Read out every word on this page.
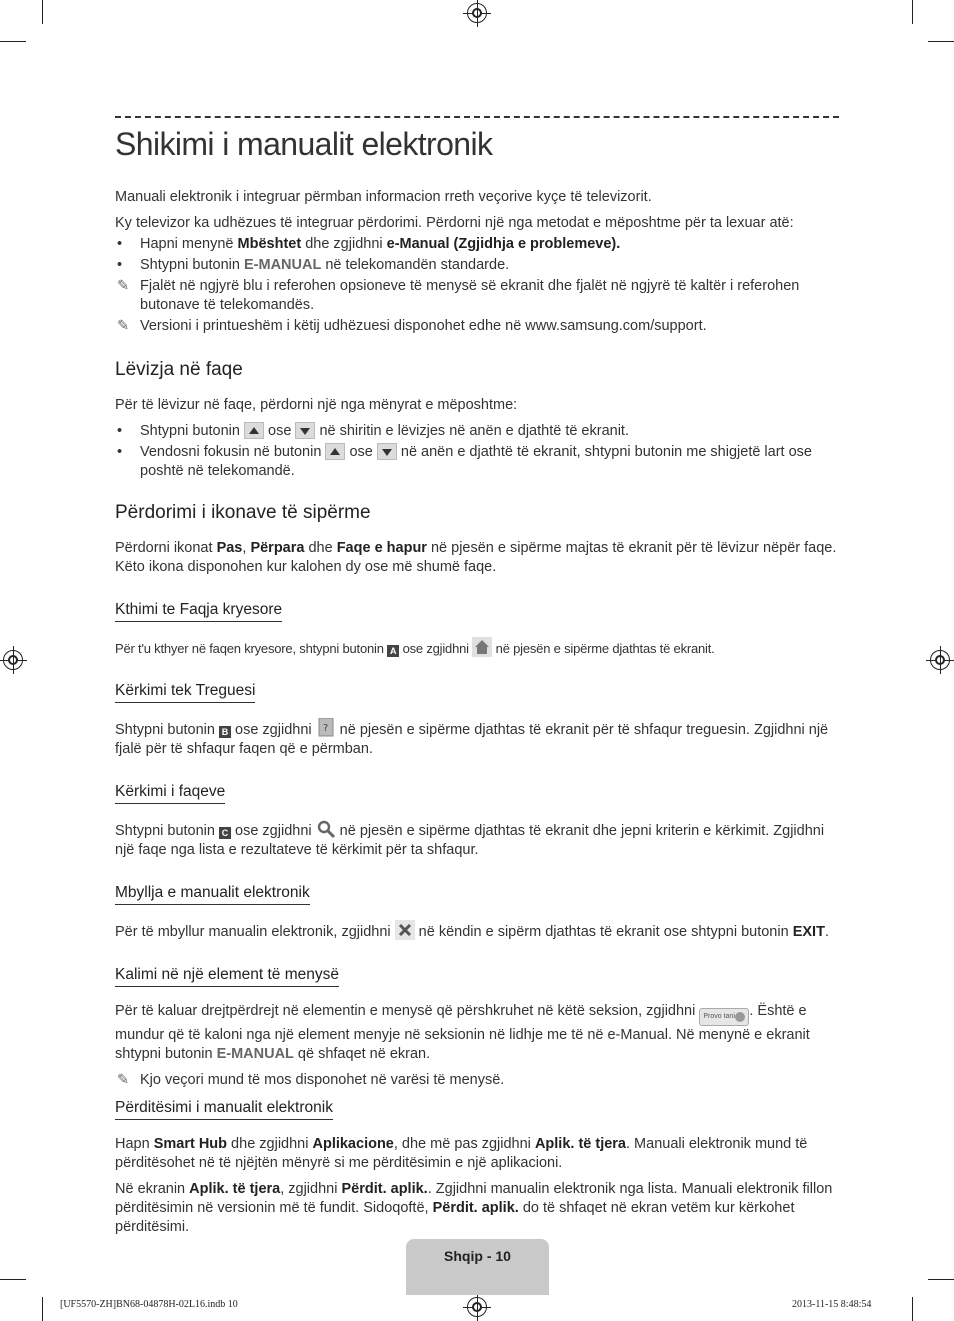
Shikimi i manualit elektronik

Manuali elektronik i integruar përmban informacion rreth veçorive kyçe të televizorit.

Ky televizor ka udhëzues të integruar përdorimi. Përdorni një nga metodat e mëposhtme për ta lexuar atë:

•	Hapni menynë Mbështet dhe zgjidhni e-Manual (Zgjidhja e problemeve).
•	Shtypni butonin E-MANUAL në telekomandën standarde.
✎ Fjalët në ngjyrë blu i referohen opsioneve të menysë së ekranit dhe fjalët në ngjyrë të kaltër i referohen butonave të telekomandës.
✎ Versioni i printueshëm i këtij udhëzuesi disponohet edhe në www.samsung.com/support.
Lëvizja në faqe

Për të lëvizur në faqe, përdorni një nga mënyrat e mëposhtme:

•	Shtypni butonin  ose  në shiritin e lëvizjes në anën e djathtë të ekranit.
•	Vendosni fokusin në butonin  ose  në anën e djathtë të ekranit, shtypni butonin me shigjetë lart ose poshtë në telekomandë.
Përdorimi i ikonave të sipërme

Përdorni ikonat Pas, Përpara dhe Faqe e hapur në pjesën e sipërme majtas të ekranit për të lëvizur nëpër faqe. Këto ikona disponohen kur kalohen dy ose më shumë faqe.

Kthimi te Faqja kryesore

Për t'u kthyer në faqen kryesore, shtypni butonin A ose zgjidhni  në pjesën e sipërme djathtas të ekranit.

Kërkimi tek Treguesi

Shtypni butonin B ose zgjidhni ? në pjesën e sipërme djathtas të ekranit për të shfaqur treguesin. Zgjidhni një fjalë për të shfaqur faqen që e përmban.

Kërkimi i faqeve

Shtypni butonin C ose zgjidhni  në pjesën e sipërme djathtas të ekranit dhe jepni kriterin e kërkimit. Zgjidhni një faqe nga lista e rezultateve të kërkimit për ta shfaqur.

Mbyllja e manualit elektronik

Për të mbyllur manualin elektronik, zgjidhni  në këndin e sipërm djathtas të ekranit ose shtypni butonin EXIT.

Kalimi në një element të menysë

Për të kaluar drejtpërdrejt në elementin e menysë që përshkruhet në këtë seksion, zgjidhni Provo tani . Është e mundur që të kaloni nga një element menyje në seksionin në lidhje me të në e-Manual. Në menynë e ekranit shtypni butonin E-MANUAL që shfaqet në ekran.

✎ Kjo veçori mund të mos disponohet në varësi të menysë.
Përditësimi i manualit elektronik

Hapn Smart Hub dhe zgjidhni Aplikacione, dhe më pas zgjidhni Aplik. të tjera. Manuali elektronik mund të përditësohet në të njëjtën mënyrë si me përditësimin e një aplikacioni.

Në ekranin Aplik. të tjera, zgjidhni Përdit. aplik.. Zgjidhni manualin elektronik nga lista. Manuali elektronik fillon përditësimin në versionin më të fundit. Sidoqoftë, Përdit. aplik. do të shfaqet në ekran vetëm kur kërkohet përditësimi.

Shqip - 10
[UF5570-ZH]BN68-04878H-02L16.indb 10	2013-11-15 8:48:54
